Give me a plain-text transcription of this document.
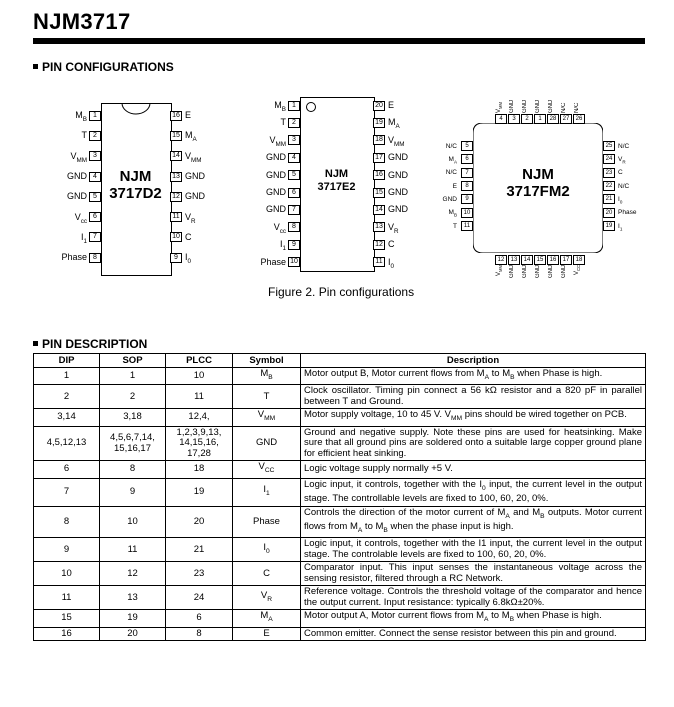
NJM3717
PIN CONFIGURATIONS
NJM
3717D2
$M_B1$
T 2
$V_{MM}3$
GND 4
GND 5
$V_{cc}6$
$I_17$
Phase 8
16 E
15 $M_A$
14 $V_{MM}$
13 GND
12 GND
11 $V_R$
10 C
9 $I_0$
NJM
3717E2
$M_B1$
T 2
$V_{MM}3$
GND 4
GND 5
GND 6
GND 7
$V_{cc}8$
$I_19$
Phase 10
20 E
19 $M_A$
18 $V_{MM}$
17 GND
16 GND
15 GND
14 GND
13 $V_R$
12 C
11 $I_0$
NJM
3717FM2
$V_{MM}$ GND GND GND GND N/C N/C
4	3	2	1	28	27	26
12	13	14	15	16	17	18
$V_{MM}$ GND GND GND GND GND $V_{CC}$
N/C 5
$M_A$ 6
N/C 7
E 8
GND 9
$M_B$ 10
T 11
25 N/C
24 $V_R$
23 C
22 N/C
21 $I_0$
20 Phase
19 $I_1$
Figure 2. Pin configurations
PIN DESCRIPTION
DIP	SOP	PLCC	Symbol	Description
1	1	10	$M_B$	Motor output B, Motor current flows from $M_A$ to $M_B$ when Phase is high.
2	2	11	T	Clock oscillator. Timing pin connect a 56 kΩ resistor and a 820 pF in parallel between T and Ground.
3,14	3,18	12,4,	$V_{MM}$	Motor supply voltage, 10 to 45 V. $V_{MM}$ pins should be wired together on PCB.
4,5,12,13	4,5,6,7,14, 15,16,17	1,2,3,9,13, 14,15,16, 17,28	GND	Ground and negative supply. Note these pins are used for heatsinking. Make sure that all ground pins are soldered onto a suitable large copper ground plane for efficient heat sinking.
6	8	18	$V_{CC}$	Logic voltage supply normally +5 V.
7	9	19	$I_1$	Logic input, it controls, together with the $I_0$ input, the current level in the output stage. The controllable levels are fixed to 100, 60, 20, 0%.
8	10	20	Phase	Controls the direction of the motor current of $M_A$ and $M_B$ outputs. Motor current flows from $M_A$ to $M_B$ when the phase input is high.
9	11	21	$I_0$	Logic input, it controls, together with the I1 input, the current level in the output stage. The controlable levels are fixed to 100, 60, 20, 0%.
10	12	23	C	Comparator input. This input senses the instantaneous voltage across the sensing resistor, filtered through a RC Network.
11	13	24	$V_R$	Reference voltage. Controls the threshold voltage of the comparator and hence the output current. Input resistance: typically 6.8kΩ±20%.
15	19	6	$M_A$	Motor output A, Motor current flows from $M_A$ to $M_B$ when Phase is high.
16	20	8	E	Common emitter. Connect the sense resistor between this pin and ground.
